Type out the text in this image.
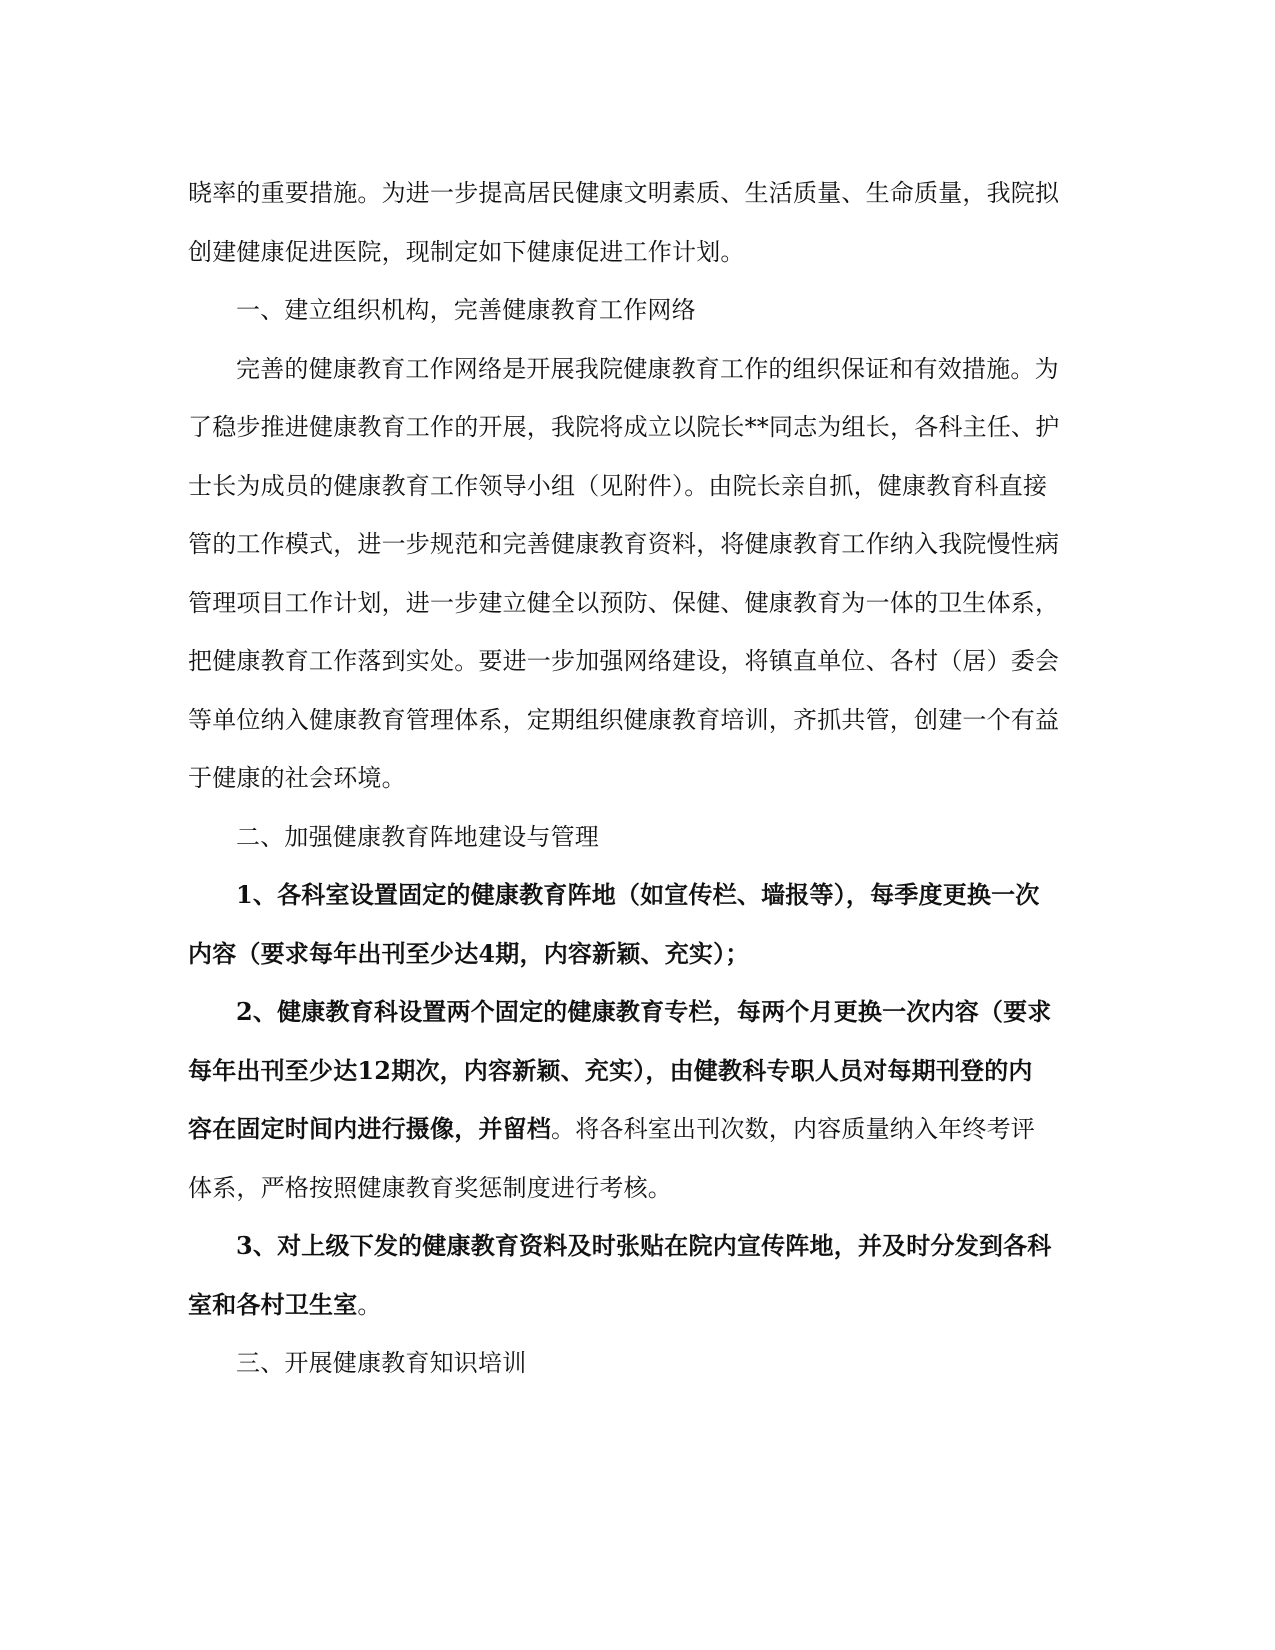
晓率的重要措施。为进一步提高居民健康文明素质、生活质量、生命质量，我院拟
创建健康促进医院，现制定如下健康促进工作计划。

一、建立组织机构，完善健康教育工作网络

完善的健康教育工作网络是开展我院健康教育工作的组织保证和有效措施。为

了稳步推进健康教育工作的开展，我院将成立以院长**同志为组长，各科主任、护
士长为成员的健康教育工作领导小组（见附件）。由院长亲自抓，健康教育科直接
管的工作模式，进一步规范和完善健康教育资料，将健康教育工作纳入我院慢性病
管理项目工作计划，进一步建立健全以预防、保健、健康教育为一体的卫生体系，
把健康教育工作落到实处。要进一步加强网络建设，将镇直单位、各村（居）委会
等单位纳入健康教育管理体系，定期组织健康教育培训，齐抓共管，创建一个有益
于健康的社会环境。

二、加强健康教育阵地建设与管理

1、各科室设置固定的健康教育阵地（如宣传栏、墙报等），每季度更换一次

内容（要求每年出刊至少达4期，内容新颖、充实）；

2、健康教育科设置两个固定的健康教育专栏，每两个月更换一次内容（要求

每年出刊至少达12期次，内容新颖、充实），由健教科专职人员对每期刊登的内
容在固定时间内进行摄像，并留档。将各科室出刊次数，内容质量纳入年终考评
体系，严格按照健康教育奖惩制度进行考核。

3、对上级下发的健康教育资料及时张贴在院内宣传阵地，并及时分发到各科

室和各村卫生室。

三、开展健康教育知识培训
